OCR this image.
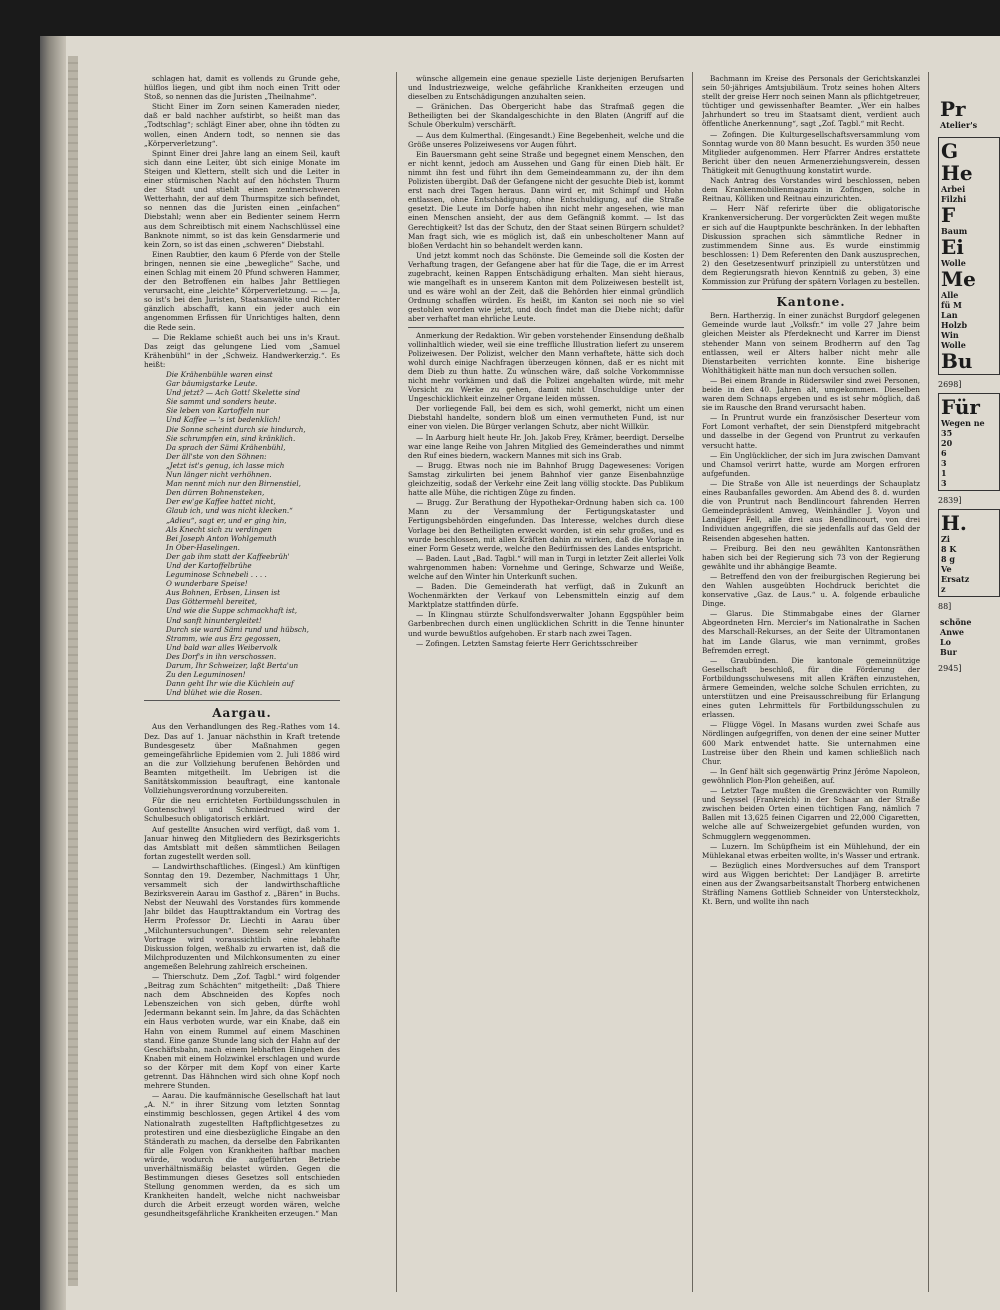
schlagen hat, damit es vollends zu Grunde gehe, hülflos liegen, und gibt ihm noch einen Tritt oder Stoß, so nennen das die Juristen „Theilnahme“.

Sticht Einer im Zorn seinen Kameraden nieder, daß er bald nachher aufstirbt, so heißt man das „Todtschlag“; schlägt Einer aber, ohne ihn tödten zu wollen, einen Andern todt, so nennen sie das „Körperverletzung“.

Spinnt Einer drei Jahre lang an einem Seil, kauft sich dann eine Leiter, übt sich einige Monate im Steigen und Klettern, stellt sich und die Leiter in einer stürmischen Nacht auf den höchsten Thurm der Stadt und stiehlt einen zentnerschweren Wetterhahn, der auf dem Thurmspitze sich befindet, so nennen das die Juristen einen „einfachen“ Diebstahl; wenn aber ein Bedienter seinem Herrn aus dem Schreibtisch mit einem Nachschlüssel eine Banknote nimmt, so ist das kein Gensdarmerie und kein Zorn, so ist das einen „schweren“ Diebstahl.

Einen Raubtier, den kaum 6 Pferde von der Stelle bringen, nennen sie eine „bewegliche“ Sache, und einen Schlag mit einem 20 Pfund schweren Hammer, der den Betroffenen ein halbes Jahr Bettliegen verursacht, eine „leichte“ Körperverletzung. — — Ja, so ist's bei den Juristen, Staatsanwälte und Richter gänzlich abschafft, kann ein jeder auch ein angenommen Erfissen für Unrichtiges halten, denn die Rede sein.

— Die Reklame schießt auch bei uns in's Kraut. Das zeigt das gelungene Lied vom „Samuel Krähenbühl“ in der „Schweiz. Handwerkerzig.“. Es heißt:

Die Krähenbühle waren einst
Gar bäumigstarke Leute.
Und jetzt? — Ach Gott! Skelette sind
Sie sammt und sonders heute.
Sie leben von Kartoffeln nur
Und Kaffee — 's ist bedenklich!
Die Sonne scheint durch sie hindurch,
Sie schrumpfen ein, sind kränklich.
Da sprach der Sämi Krähenbühl,
Der äll'ste von den Söhnen:
„Jetzt ist's genug, ich lasse mich
Nun länger nicht verhöhnen.
Man nennt mich nur den Birnenstiel,
Den dürren Bohnensteken,
Der ew'ge Kaffee hattet nicht,
Glaub ich, und was nicht klecken.“
„Adieu“, sagt er, und er ging hin,
Als Knecht sich zu verdingen
Bei Joseph Anton Wohlgemuth
In Ober-Haselingen.
Der gab ihm statt der Kaffeebrüh'
Und der Kartoffelbrühe
Leguminose Schnebeli . . . .
O wunderbare Speise!
Aus Bohnen, Erbsen, Linsen ist
Das Göttermehl bereitet,
Und wie die Suppe schmackhaft ist,
Und sanft hinuntergleitet!
Durch sie ward Sämi rund und hübsch,
Stramm, wie aus Erz gegossen,
Und bald war alles Weibervolk
Des Dorf's in ihn verschossen.
Darum, Ihr Schweizer, laßt Berta'un
Zu den Leguminosen!
Dann geht Ihr wie die Küchlein auf
Und blühet wie die Rosen.
Aargau.

Aus den Verhandlungen des Reg.-Rathes vom 14. Dez. Das auf 1. Januar nächsthin in Kraft tretende Bundesgesetz über Maßnahmen gegen gemeingefährliche Epidemien vom 2. Juli 1886 wird an die zur Vollziehung berufenen Behörden und Beamten mitgetheilt. Im Uebrigen ist die Sanitätskommission beauftragt, eine kantonale Vollziehungsverordnung vorzubereiten.

Für die neu errichteten Fortbildungsschulen in Gontenschwyl und Schmiedrued wird der Schulbesuch obligatorisch erklärt.

Auf gestellte Ansuchen wird verfügt, daß vom 1. Januar hinweg den Mitgliedern des Bezirksgerichts das Amtsblatt mit deßen sämmtlichen Beilagen fortan zugestellt werden soll.

— Landwirthschaftliches. (Eingesl.) Am künftigen Sonntag den 19. Dezember, Nachmittags 1 Uhr, versammelt sich der landwirthschaftliche Bezirksverein Aarau im Gasthof z. „Bären“ in Buchs. Nebst der Neuwahl des Vorstandes fürs kommende Jahr bildet das Haupttraktandum ein Vortrag des Herrn Professor Dr. Liechti in Aarau über „Milchuntersuchungen“. Diesem sehr relevanten Vortrage wird voraussichtlich eine lebhafte Diskussion folgen, weßhalb zu erwarten ist, daß die Milchproduzenten und Milchkonsumenten zu einer angemeßen Belehrung zahlreich erscheinen.

— Thierschutz. Dem „Zof. Tagbl.“ wird folgender „Beitrag zum Schächten“ mitgetheilt: „Daß Thiere nach dem Abschneiden des Kopfes noch Lebenszeichen von sich geben, dürfte wohl Jedermann bekannt sein. Im Jahre, da das Schächten ein Haus verboten wurde, war ein Knabe, daß ein Hahn von einem Rummel auf einem Maschinen stand. Eine ganze Stunde lang sich der Hahn auf der Geschäftsbahn, nach einem lebhaften Eingehen des Knaben mit einem Holzwinkel erschlagen und wurde so der Körper mit dem Kopf von einer Karte getrennt. Das Hähnchen wird sich ohne Kopf noch mehrere Stunden.

— Aarau. Die kaufmännische Gesellschaft hat laut „A. N.“ in ihrer Sitzung vom letzten Sonntag einstimmig beschlossen, gegen Artikel 4 des vom Nationalrath zugestellten Haftpflichtgesetzes zu protestiren und eine diesbezügliche Eingabe an den Ständerath zu machen, da derselbe den Fabrikanten für alle Folgen von Krankheiten haftbar machen würde, wodurch die aufgeführten Betriebe unverhältnismäßig belastet würden. Gegen die Bestimmungen dieses Gesetzes soll entschieden Stellung genommen werden, da es sich um Krankheiten handelt, welche nicht nachweisbar durch die Arbeit erzeugt worden wären, welche gesundheitsgefährliche Krankheiten erzeugen.“ Man

wünsche allgemein eine genaue spezielle Liste derjenigen Berufsarten und Industriezweige, welche gefährliche Krankheiten erzeugen und dieselben zu Entschädigungen anzuhalten seien.

— Gränichen. Das Obergericht habe das Strafmaß gegen die Betheiligten bei der Skandalgeschichte in den Blaten (Angriff auf die Schule Oberkulm) verschärft.

— Aus dem Kulmerthal. (Eingesandt.) Eine Begebenheit, welche und die Größe unseres Polizeiwesens vor Augen führt.

Ein Bauersmann geht seine Straße und begegnet einem Menschen, den er nicht kennt, jedoch am Aussehen und Gang für einen Dieb hält. Er nimmt ihn fest und führt ihn dem Gemeindeammann zu, der ihn dem Polizisten übergibt. Daß der Gefangene nicht der gesuchte Dieb ist, kommt erst nach drei Tagen heraus. Dann wird er, mit Schimpf und Hohn entlassen, ohne Entschädigung, ohne Entschuldigung, auf die Straße gesetzt. Die Leute im Dorfe haben ihn nicht mehr angesehen, wie man einen Menschen ansieht, der aus dem Gefängniß kommt. — Ist das Gerechtigkeit? Ist das der Schutz, den der Staat seinen Bürgern schuldet? Man fragt sich, wie es möglich ist, daß ein unbescholtener Mann auf bloßen Verdacht hin so behandelt werden kann.

Und jetzt kommt noch das Schönste. Die Gemeinde soll die Kosten der Verhaftung tragen, der Gefangene aber hat für die Tage, die er im Arrest zugebracht, keinen Rappen Entschädigung erhalten. Man sieht hieraus, wie mangelhaft es in unserem Kanton mit dem Polizeiwesen bestellt ist, und es wäre wohl an der Zeit, daß die Behörden hier einmal gründlich Ordnung schaffen würden. Es heißt, im Kanton sei noch nie so viel gestohlen worden wie jetzt, und doch findet man die Diebe nicht; dafür aber verhaftet man ehrliche Leute.

Anmerkung der Redaktion. Wir geben vorstehender Einsendung deßhalb vollinhaltlich wieder, weil sie eine treffliche Illustration liefert zu unserem Polizeiwesen. Der Polizist, welcher den Mann verhaftete, hätte sich doch wohl durch einige Nachfragen überzeugen können, daß er es nicht mit dem Dieb zu thun hatte. Zu wünschen wäre, daß solche Vorkommnisse nicht mehr vorkämen und daß die Polizei angehalten würde, mit mehr Vorsicht zu Werke zu gehen, damit nicht Unschuldige unter der Ungeschicklichkeit einzelner Organe leiden müssen.

Der vorliegende Fall, bei dem es sich, wohl gemerkt, nicht um einen Diebstahl handelte, sondern bloß um einen vermutheten Fund, ist nur einer von vielen. Die Bürger verlangen Schutz, aber nicht Willkür.

— In Aarburg hielt heute Hr. Joh. Jakob Frey, Krämer, beerdigt. Derselbe war eine lange Reihe von Jahren Mitglied des Gemeinderathes und nimmt den Ruf eines biedern, wackern Mannes mit sich ins Grab.

— Brugg. Etwas noch nie im Bahnhof Brugg Dagewesenes: Vorigen Samstag zirkulirten bei jenem Bahnhof vier ganze Eisenbahnzüge gleichzeitig, sodaß der Verkehr eine Zeit lang völlig stockte. Das Publikum hatte alle Mühe, die richtigen Züge zu finden.

— Brugg. Zur Berathung der Hypothekar-Ordnung haben sich ca. 100 Mann zu der Versammlung der Fertigungskataster und Fertigungsbehörden eingefunden. Das Interesse, welches durch diese Vorlage bei den Betheiligten erweckt worden, ist ein sehr großes, und es wurde beschlossen, mit allen Kräften dahin zu wirken, daß die Vorlage in einer Form Gesetz werde, welche den Bedürfnissen des Landes entspricht.

— Baden. Laut „Bad. Tagbl.“ will man in Turgi in letzter Zeit allerlei Volk wahrgenommen haben: Vornehme und Geringe, Schwarze und Weiße, welche auf den Winter hin Unterkunft suchen.

— Baden. Die Gemeinderath hat verfügt, daß in Zukunft an Wochenmärkten der Verkauf von Lebensmitteln einzig auf dem Marktplatze stattfinden dürfe.

— In Klingnau stürzte Schulfondsverwalter Johann Eggspühler beim Garbenbrechen durch einen unglücklichen Schritt in die Tenne hinunter und wurde bewußtlos aufgehoben. Er starb nach zwei Tagen.

— Zofingen. Letzten Samstag feierte Herr Gerichtsschreiber

Bachmann im Kreise des Personals der Gerichtskanzlei sein 50-jähriges Amtsjubiläum. Trotz seines hohen Alters stellt der greise Herr noch seinen Mann als pflichtgetreuer, tüchtiger und gewissenhafter Beamter. „Wer ein halbes Jahrhundert so treu im Staatsamt dient, verdient auch öffentliche Anerkennung“, sagt „Zof. Tagbl.“ mit Recht.

— Zofingen. Die Kulturgesellschaftsversammlung vom Sonntag wurde von 80 Mann besucht. Es wurden 350 neue Mitglieder aufgenommen. Herr Pfarrer Andres erstattete Bericht über den neuen Armenerziehungsverein, dessen Thätigkeit mit Genugthuung konstatirt wurde.

Nach Antrag des Vorstandes wird beschlossen, neben dem Krankenmobilienmagazin in Zofingen, solche in Reitnau, Kölliken und Reitnau einzurichten.

— Herr Näf referirte über die obligatorische Krankenversicherung. Der vorgerückten Zeit wegen mußte er sich auf die Hauptpunkte beschränken. In der lebhaften Diskussion sprachen sich sämmtliche Redner in zustimmendem Sinne aus. Es wurde einstimmig beschlossen: 1) Dem Referenten den Dank auszusprechen, 2) den Gesetzesentwurf prinzipiell zu unterstützen und dem Regierungsrath hievon Kenntniß zu geben, 3) eine Kommission zur Prüfung der spätern Vorlagen zu bestellen.

Kantone.

Bern. Hartherzig. In einer zunächst Burgdorf gelegenen Gemeinde wurde laut „Volksfr.“ im volle 27 Jahre beim gleichen Meister als Pferdeknecht und Karrer im Dienst stehender Mann von seinem Brodherrn auf den Tag entlassen, weil er Alters halber nicht mehr alle Dienstarbeiten verrichten konnte. Eine bisherige Wohlthätigkeit hätte man nun doch versuchen sollen.

— Bei einem Brande in Rüderswiler sind zwei Personen, beide in den 40. Jahren alt, umgekommen. Dieselben waren dem Schnaps ergeben und es ist sehr möglich, daß sie im Rausche den Brand verursacht haben.

— In Pruntrut wurde ein französischer Deserteur vom Fort Lomont verhaftet, der sein Dienstpferd mitgebracht und dasselbe in der Gegend von Pruntrut zu verkaufen versucht hatte.

— Ein Unglücklicher, der sich im Jura zwischen Damvant und Chamsol verirrt hatte, wurde am Morgen erfroren aufgefunden.

— Die Straße von Alle ist neuerdings der Schauplatz eines Raubanfalles geworden. Am Abend des 8. d. wurden die von Pruntrut nach Bendlincourt fahrenden Herren Gemeindepräsident Amweg, Weinhändler J. Voyon und Landjäger Fell, alle drei aus Bendlincourt, von drei Individuen angegriffen, die sie jedenfalls auf das Geld der Reisenden abgesehen hatten.

— Freiburg. Bei den neu gewählten Kantonsräthen haben sich bei der Regierung sich 73 von der Regierung gewählte und ihr abhängige Beamte.

— Betreffend den von der freiburgischen Regierung bei den Wahlen ausgeübten Hochdruck berichtet die konservative „Gaz. de Laus.“ u. A. folgende erbauliche Dinge.

— Glarus. Die Stimmabgabe eines der Glarner Abgeordneten Hrn. Mercier's im Nationalrathe in Sachen des Marschall-Rekurses, an der Seite der Ultramontanen hat im Lande Glarus, wie man vernimmt, großes Befremden erregt.

— Graubünden. Die kantonale gemeinnützige Gesellschaft beschloß, für die Förderung der Fortbildungsschulwesens mit allen Kräften einzustehen, ärmere Gemeinden, welche solche Schulen errichten, zu unterstützen und eine Preisausschreibung für Erlangung eines guten Lehrmittels für Fortbildungsschulen zu erlassen.

— Flügge Vögel. In Masans wurden zwei Schafe aus Nördlingen aufgegriffen, von denen der eine seiner Mutter 600 Mark entwendet hatte. Sie unternahmen eine Lustreise über den Rhein und kamen schließlich nach Chur.

— In Genf hält sich gegenwärtig Prinz Jérôme Napoleon, gewöhnlich Plon-Plon geheißen, auf.

— Letzter Tage mußten die Grenzwächter von Rumilly und Seyssel (Frankreich) in der Schaar an der Straße zwischen beiden Orten einen tüchtigen Fang, nämlich 7 Ballen mit 13,625 feinen Cigarren und 22,000 Cigaretten, welche alle auf Schweizergebiet gefunden wurden, von Schmugglern weggenommen.

— Luzern. Im Schüpfheim ist ein Mühlehund, der ein Mühlekanal etwas erbeiten wollte, in's Wasser und ertrank.

— Bezüglich eines Mordversuches auf dem Transport wird aus Wiggen berichtet: Der Landjäger B. arretirte einen aus der Zwangsarbeitsanstalt Thorberg entwichenen Sträfling Namens Gottlieb Schneider von Untersteckholz, Kt. Bern, und wollte ihn nach

Pr
Atelier's
G
He
Arbei
Filzhi
F
Baum
Ei
Wolle
Me
Alle
fü M
Lan
Holzb
Win
Wolle
Bu
2698]
Für
Wegen ne
35
20
6
3
1
3
2839]
H.
Zi
8 K
8 g
Ve
Ersatz
z
88]
schöne
Anwe
Lo
Bur
2945]
